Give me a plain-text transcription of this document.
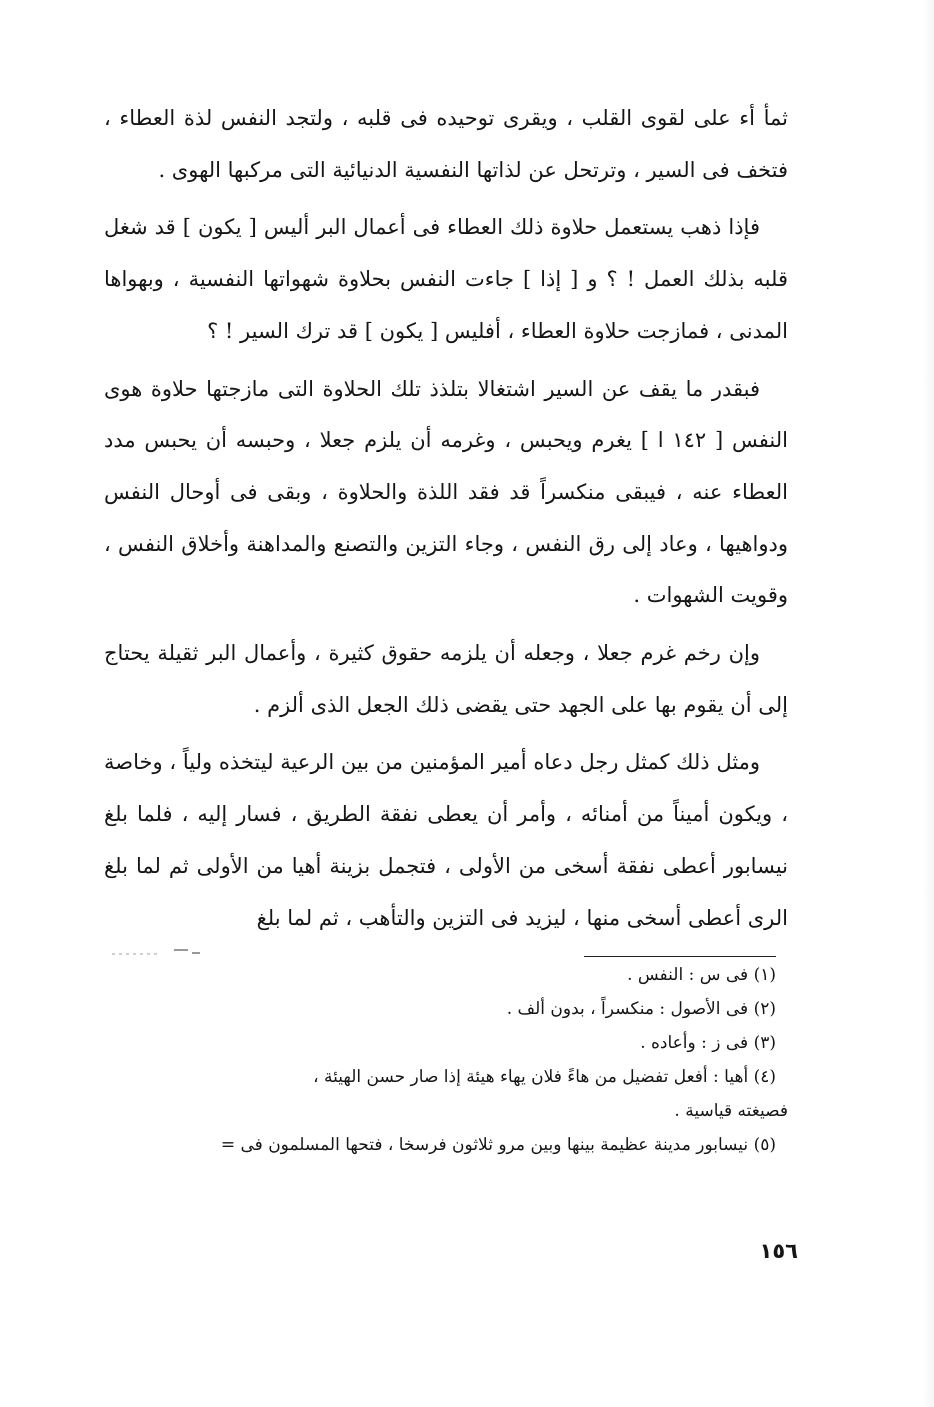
ثمأ أء على لقوى القلب ، ويقرى توحيده فى قلبه ، ولتجد النفس لذة العطاء ، فتخف فى السير ، وترتحل عن لذاتها النفسية الدنيائية التى مركبها الهوى .

فإذا ذهب يستعمل حلاوة ذلك العطاء فى أعمال البر أليس [ يكون ] قد شغل قلبه بذلك العمل ! ؟ و [ إذا ] جاءت النفس بحلاوة شهواتها النفسية ، وبهواها المدنى ، فمازجت حلاوة العطاء ، أفليس [ يكون ] قد ترك السير ! ؟

فبقدر ما يقف عن السير اشتغالا بتلذذ تلك الحلاوة التى مازجتها حلاوة هوى النفس [ ١٤٢ ا ] يغرم ويحبس ، وغرمه أن يلزم جعلا ، وحبسه أن يحبس مدد العطاء عنه ، فيبقى منكسراً قد فقد اللذة والحلاوة ، وبقى فى أوحال النفس ودواهيها ، وعاد إلى رق النفس ، وجاء التزين والتصنع والمداهنة وأخلاق النفس ، وقويت الشهوات .

وإن رخم غرم جعلا ، وجعله أن يلزمه حقوق كثيرة ، وأعمال البر ثقيلة يحتاج إلى أن يقوم بها على الجهد حتى يقضى ذلك الجعل الذى ألزم .

ومثل ذلك كمثل رجل دعاه أمير المؤمنين من بين الرعية ليتخذه ولياً ، وخاصة ، ويكون أميناً من أمنائه ، وأمر أن يعطى نفقة الطريق ، فسار إليه ، فلما بلغ نيسابور أعطى نفقة أسخى من الأولى ، فتجمل بزينة أهيا من الأولى ثم لما بلغ الرى أعطى أسخى منها ، ليزيد فى التزين والتأهب ، ثم لما بلغ

(١) فى س : النفس .

(٢) فى الأصول : منكسراً ، بدون ألف .

(٣) فى ز : وأعاده .

(٤) أهيا : أفعل تفضيل من هاءً فلان يهاء هيئة إذا صار حسن الهيئة ،

فصيغته قياسية .

(٥) نيسابور مدينة عظيمة بينها وبين مرو ثلاثون فرسخا ، فتحها المسلمون فى =

١٥٦
